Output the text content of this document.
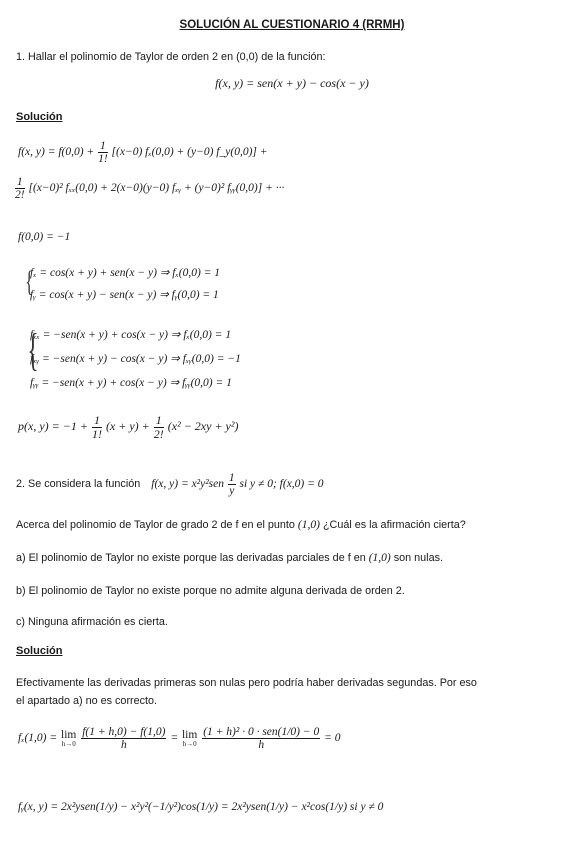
SOLUCIÓN AL CUESTIONARIO 4 (RRMH)
1. Hallar el polinomio de Taylor de orden 2 en (0,0) de la función:
f(x, y) = sen(x + y) − cos(x − y)
Solución
f(x, $y) = f(0,0) + \frac{1}{1!} [(x-0) f_x(0,0) + (y-0)$ f_y(0,0)] +
$\frac{1}{2!} [(x-0)^2$ fₓₓ(0,0) + 2(x−0)(y−0) fₓᵧ + (y−0)² fᵧᵧ(0,0)] + ···
f(0,0) = −1
{
fₓ = cos(x + y) + sen(x − y) ⇒ fₓ(0,0) = 1
fᵧ = cos(x + y) − sen(x − y) ⇒ fᵧ(0,0) = 1
{
fₓₓ = −sen(x + y) + cos(x − y) ⇒ fₓ(0,0) = 1
fₓᵧ = −sen(x + y) − cos(x − y) ⇒ fₓᵧ(0,0) = −1
fᵧᵧ = −sen(x + y) + cos(x − y) ⇒ fᵧᵧ(0,0) = 1
p(x, $y) = -1 + \frac{1}{1!} (x + y) + \frac{1}{2!} (x^2 - 2xy + y^2)$
2. Se considera la función f(x, $y) = x^2y^2sen \frac{1}{y}$ si y ≠ 0; f(x,0) = 0
Acerca del polinomio de Taylor de grado 2 de f en el punto (1,0) ¿Cuál es la afirmación cierta?
a) El polinomio de Taylor no existe porque las derivadas parciales de f en (1,0) son nulas.
b) El polinomio de Taylor no existe porque no admite alguna derivada de orden 2.
c) Ninguna afirmación es cierta.
Solución
Efectivamente las derivadas primeras son nulas pero podría haber derivadas segundas. Por eso
el apartado a) no es correcto.
fₓ(1,0) = lim
h→0
$\frac{f(1 + h,0) - f(1,0)}{h} = \lim$
h→0
$\frac{\text{(1 + h)² · 0 · sen(1/0) − 0}}{h} = 0$
fᵧ(x, y) = 2x²ysen(1/y) − x²y²(−1/y²)cos(1/y) = 2x²ysen(1/y) − x²cos(1/y) si y ≠ 0
